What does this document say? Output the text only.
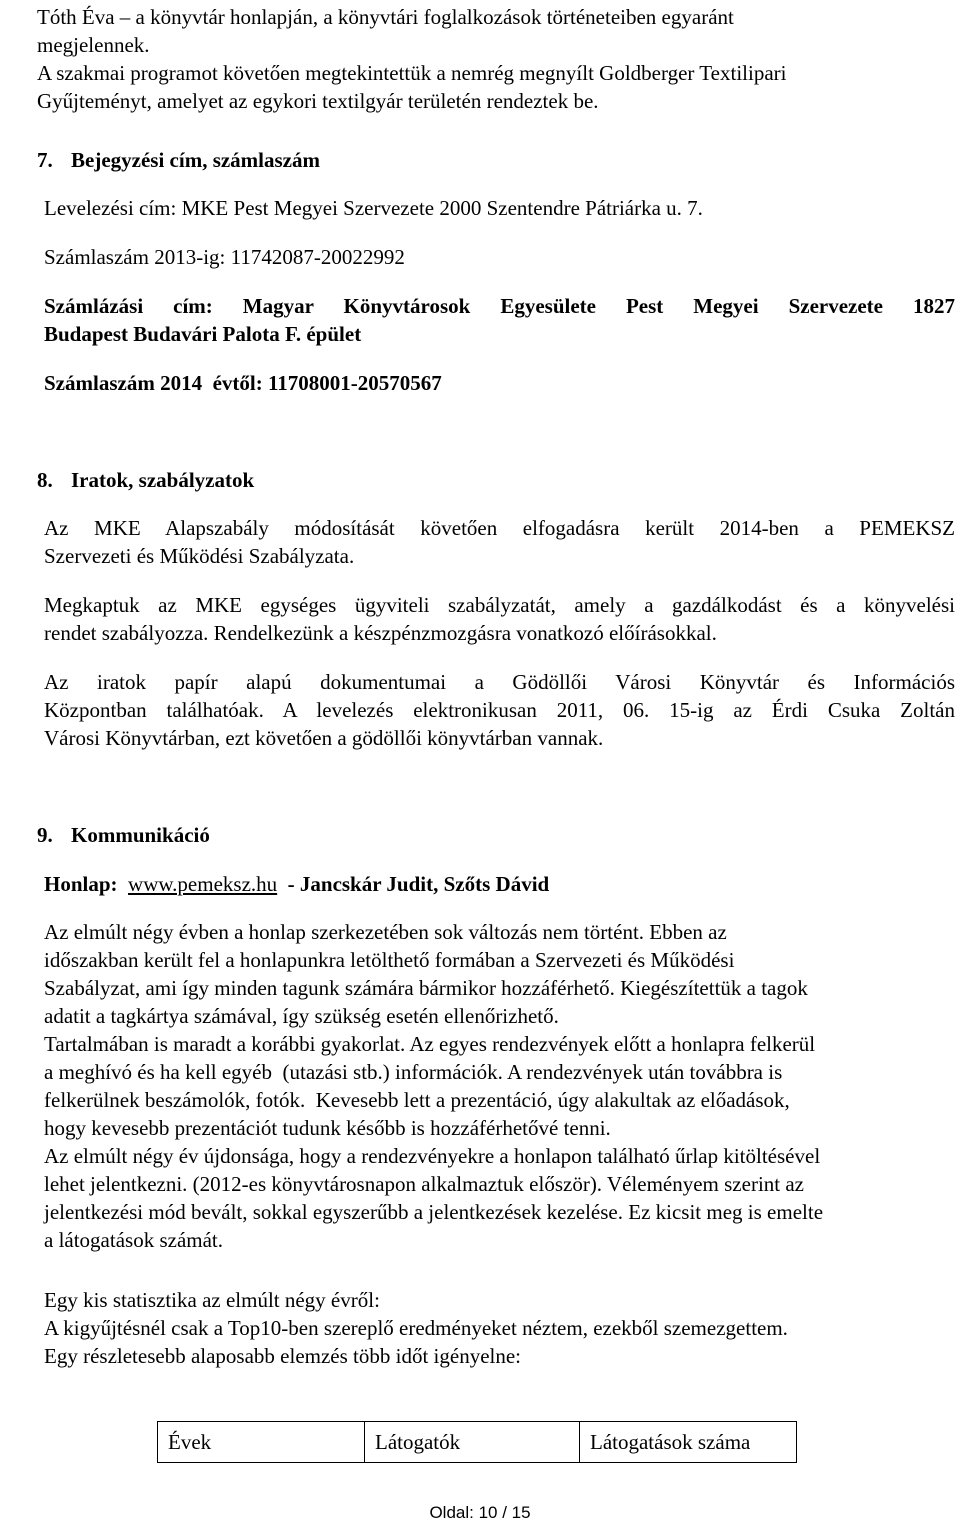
Tóth Éva – a könyvtár honlapján, a könyvtári foglalkozások történeteiben egyaránt
megjelennek.
A szakmai programot követően megtekintettük a nemrég megnyílt Goldberger Textilipari
Gyűjteményt, amelyet az egykori textilgyár területén rendeztek be.
7. Bejegyzési cím, számlaszám
Levelezési cím: MKE Pest Megyei Szervezete 2000 Szentendre Pátriárka u. 7.
Számlaszám 2013-ig: 11742087-20022992
Számlázási cím: Magyar Könyvtárosok Egyesülete Pest Megyei Szervezete 1827
Budapest Budavári Palota F. épület
Számlaszám 2014  évtől: 11708001-20570567
8. Iratok, szabályzatok
Az MKE Alapszabály módosítását követően elfogadásra került 2014-ben a PEMEKSZ
Szervezeti és Működési Szabályzata.
Megkaptuk az MKE egységes ügyviteli szabályzatát, amely a gazdálkodást és a könyvelési
rendet szabályozza. Rendelkezünk a készpénzmozgásra vonatkozó előírásokkal.
Az iratok papír alapú dokumentumai a Gödöllői Városi Könyvtár és Információs
Központban találhatóak. A levelezés elektronikusan 2011, 06. 15-ig az Érdi Csuka Zoltán
Városi Könyvtárban, ezt követően a gödöllői könyvtárban vannak.
9. Kommunikáció
Honlap: www.pemeksz.hu - Jancskár Judit, Szőts Dávid
Az elmúlt négy évben a honlap szerkezetében sok változás nem történt. Ebben az
időszakban került fel a honlapunkra letölthető formában a Szervezeti és Működési
Szabályzat, ami így minden tagunk számára bármikor hozzáférhető. Kiegészítettük a tagok
adatit a tagkártya számával, így szükség esetén ellenőrizhető.
Tartalmában is maradt a korábbi gyakorlat. Az egyes rendezvények előtt a honlapra felkerül
a meghívó és ha kell egyéb  (utazási stb.) információk. A rendezvények után továbbra is
felkerülnek beszámolók, fotók.  Kevesebb lett a prezentáció, úgy alakultak az előadások,
hogy kevesebb prezentációt tudunk később is hozzáférhetővé tenni.
Az elmúlt négy év újdonsága, hogy a rendezvényekre a honlapon található űrlap kitöltésével
lehet jelentkezni. (2012-es könyvtárosnapon alkalmaztuk először). Véleményem szerint az
jelentkezési mód bevált, sokkal egyszerűbb a jelentkezések kezelése. Ez kicsit meg is emelte
a látogatások számát.
Egy kis statisztika az elmúlt négy évről:
A kigyűjtésnél csak a Top10-ben szereplő eredményeket néztem, ezekből szemezgettem.
Egy részletesebb alaposabb elemzés több időt igényelne:
Évek	Látogatók	Látogatások száma
Oldal: 10 / 15
